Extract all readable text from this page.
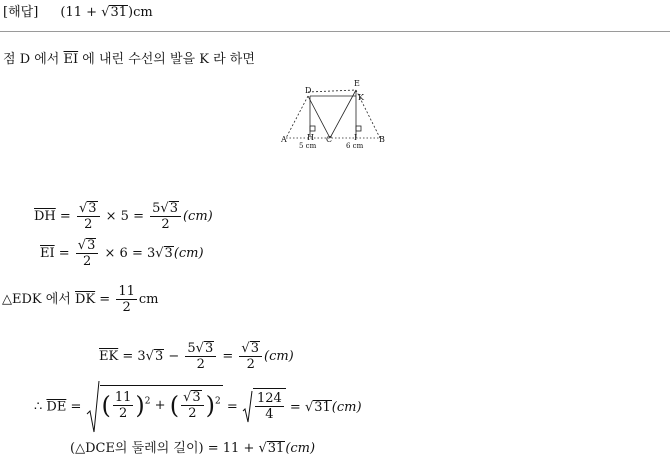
[해답] (11 + √31)cm
점 D 에서 $\overline{EI}$ 에 내린 수선의 발을 K 라 하면
D
E
K
H	I
A	C	B
5 cm	6 cm
$\overline{DH} = \frac{√3}{2} \times 5 = \frac{5√3}{2} (cm)$
$\overline{EI} = \frac{√3}{2} \times 6 = 3√3(cm)$
△EDK 에서 $\overline{DK} = \frac{11}{2}$ cm
$\overline{EK} = 3√3 - \frac{5√3}{2} = \frac{√3}{2} (cm)$
∴ $\overline{DE}$ = ( $\frac{11}{2} )^2$ + ( $\frac{√3}{2} )^2 = \frac{124}{4} = √31(cm)$
(△DCE의 둘레의 길이) = 11 + √31(cm)
